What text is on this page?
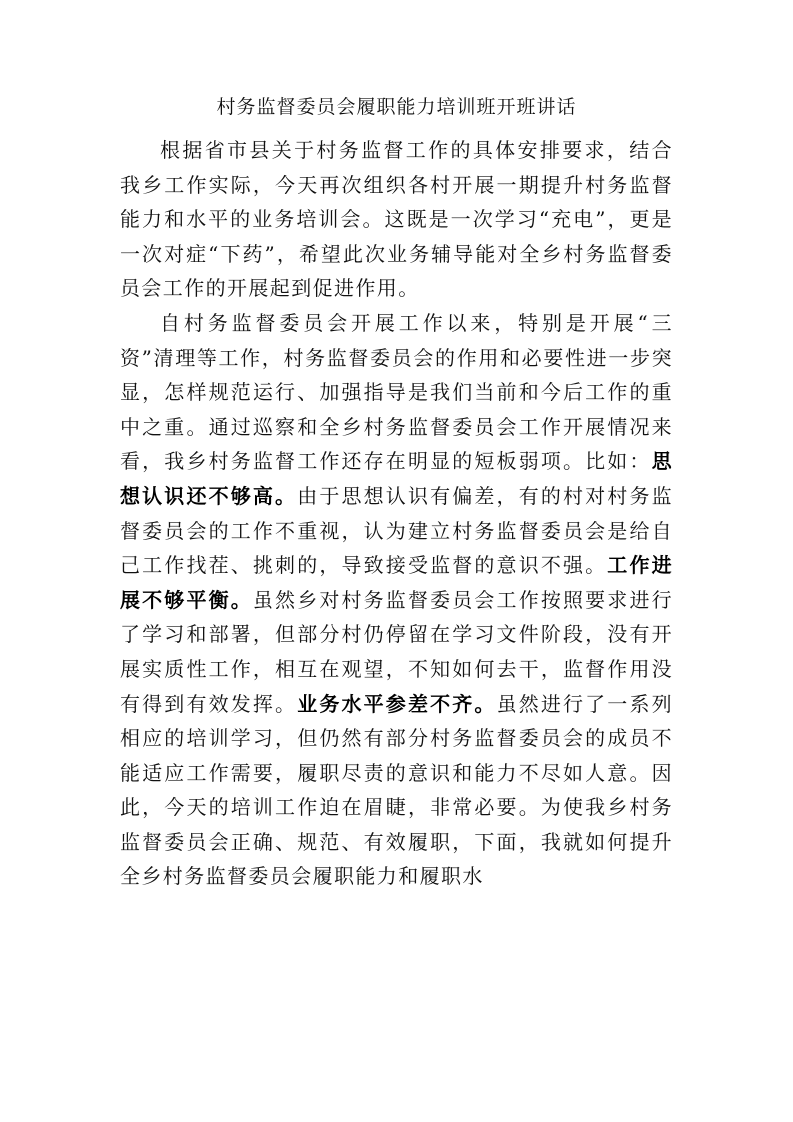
村务监督委员会履职能力培训班开班讲话

根据省市县关于村务监督工作的具体安排要求，结合我乡工作实际，今天再次组织各村开展一期提升村务监督能力和水平的业务培训会。这既是一次学习“充电”，更是一次对症“下药”，希望此次业务辅导能对全乡村务监督委员会工作的开展起到促进作用。

自村务监督委员会开展工作以来，特别是开展“三资”清理等工作，村务监督委员会的作用和必要性进一步突显，怎样规范运行、加强指导是我们当前和今后工作的重中之重。通过巡察和全乡村务监督委员会工作开展情况来看，我乡村务监督工作还存在明显的短板弱项。比如：思想认识还不够高。由于思想认识有偏差，有的村对村务监督委员会的工作不重视，认为建立村务监督委员会是给自己工作找茬、挑刺的，导致接受监督的意识不强。工作进展不够平衡。虽然乡对村务监督委员会工作按照要求进行了学习和部署，但部分村仍停留在学习文件阶段，没有开展实质性工作，相互在观望，不知如何去干，监督作用没有得到有效发挥。业务水平参差不齐。虽然进行了一系列相应的培训学习，但仍然有部分村务监督委员会的成员不能适应工作需要，履职尽责的意识和能力不尽如人意。因此，今天的培训工作迫在眉睫，非常必要。为使我乡村务监督委员会正确、规范、有效履职，下面，我就如何提升全乡村务监督委员会履职能力和履职水
